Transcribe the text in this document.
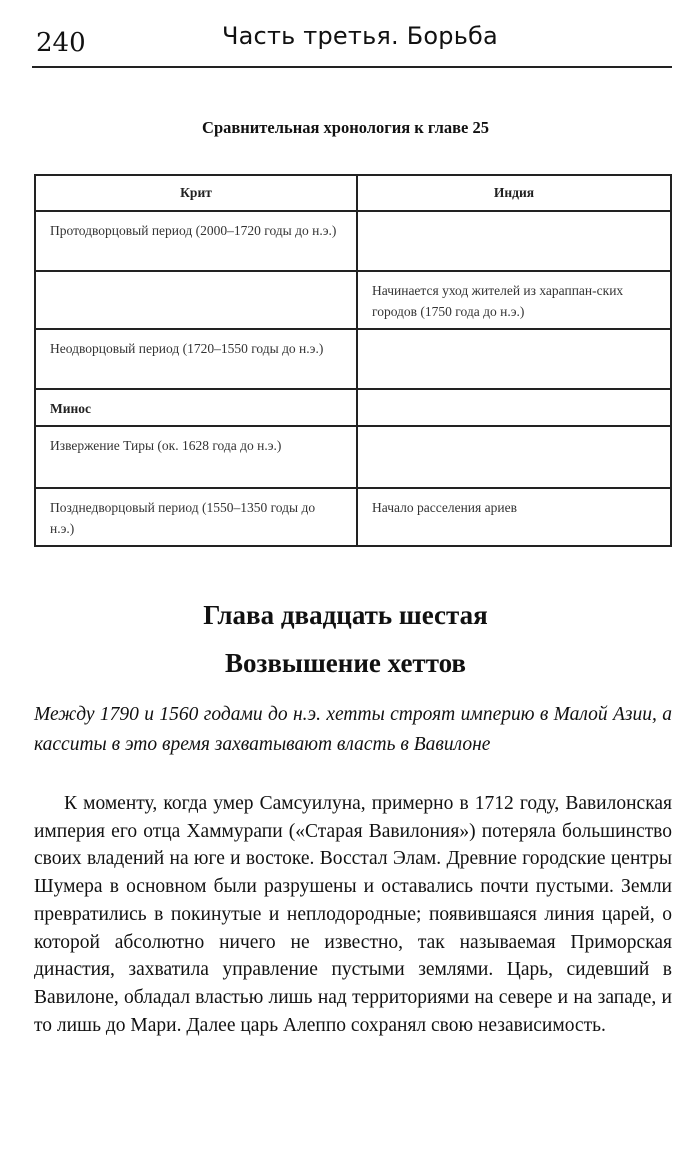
240	Часть третья. Борьба
Сравнительная хронология к главе 25
Крит	Индия

Протодворцовый период (2000–1720 годы до н.э.)	

	Начинается уход жителей из хараппан-ских городов (1750 года до н.э.)

Неодворцовый период (1720–1550 годы до н.э.)	

Минос	

Извержение Тиры (ок. 1628 года до н.э.)	

Позднедворцовый период (1550–1350 годы до н.э.)	Начало расселения ариев
Глава двадцать шестая
Возвышение хеттов
Между 1790 и 1560 годами до н.э. хетты строят империю в Малой Азии, а касситы в это время захватывают власть в Вавилоне

К моменту, когда умер Самсуилуна, примерно в 1712 году, Вавилонская империя его отца Хаммурапи («Старая Вавилония») потеряла большинство своих владений на юге и востоке. Восстал Элам. Древние городские центры Шумера в основном были разрушены и оставались почти пустыми. Земли превратились в покинутые и неплодородные; появившаяся линия царей, о которой абсолютно ничего не известно, так называемая Приморская династия, захватила управление пустыми землями. Царь, сидевший в Вавилоне, обладал властью лишь над территориями на севере и на западе, и то лишь до Мари. Далее царь Алеппо сохранял свою независимость.
